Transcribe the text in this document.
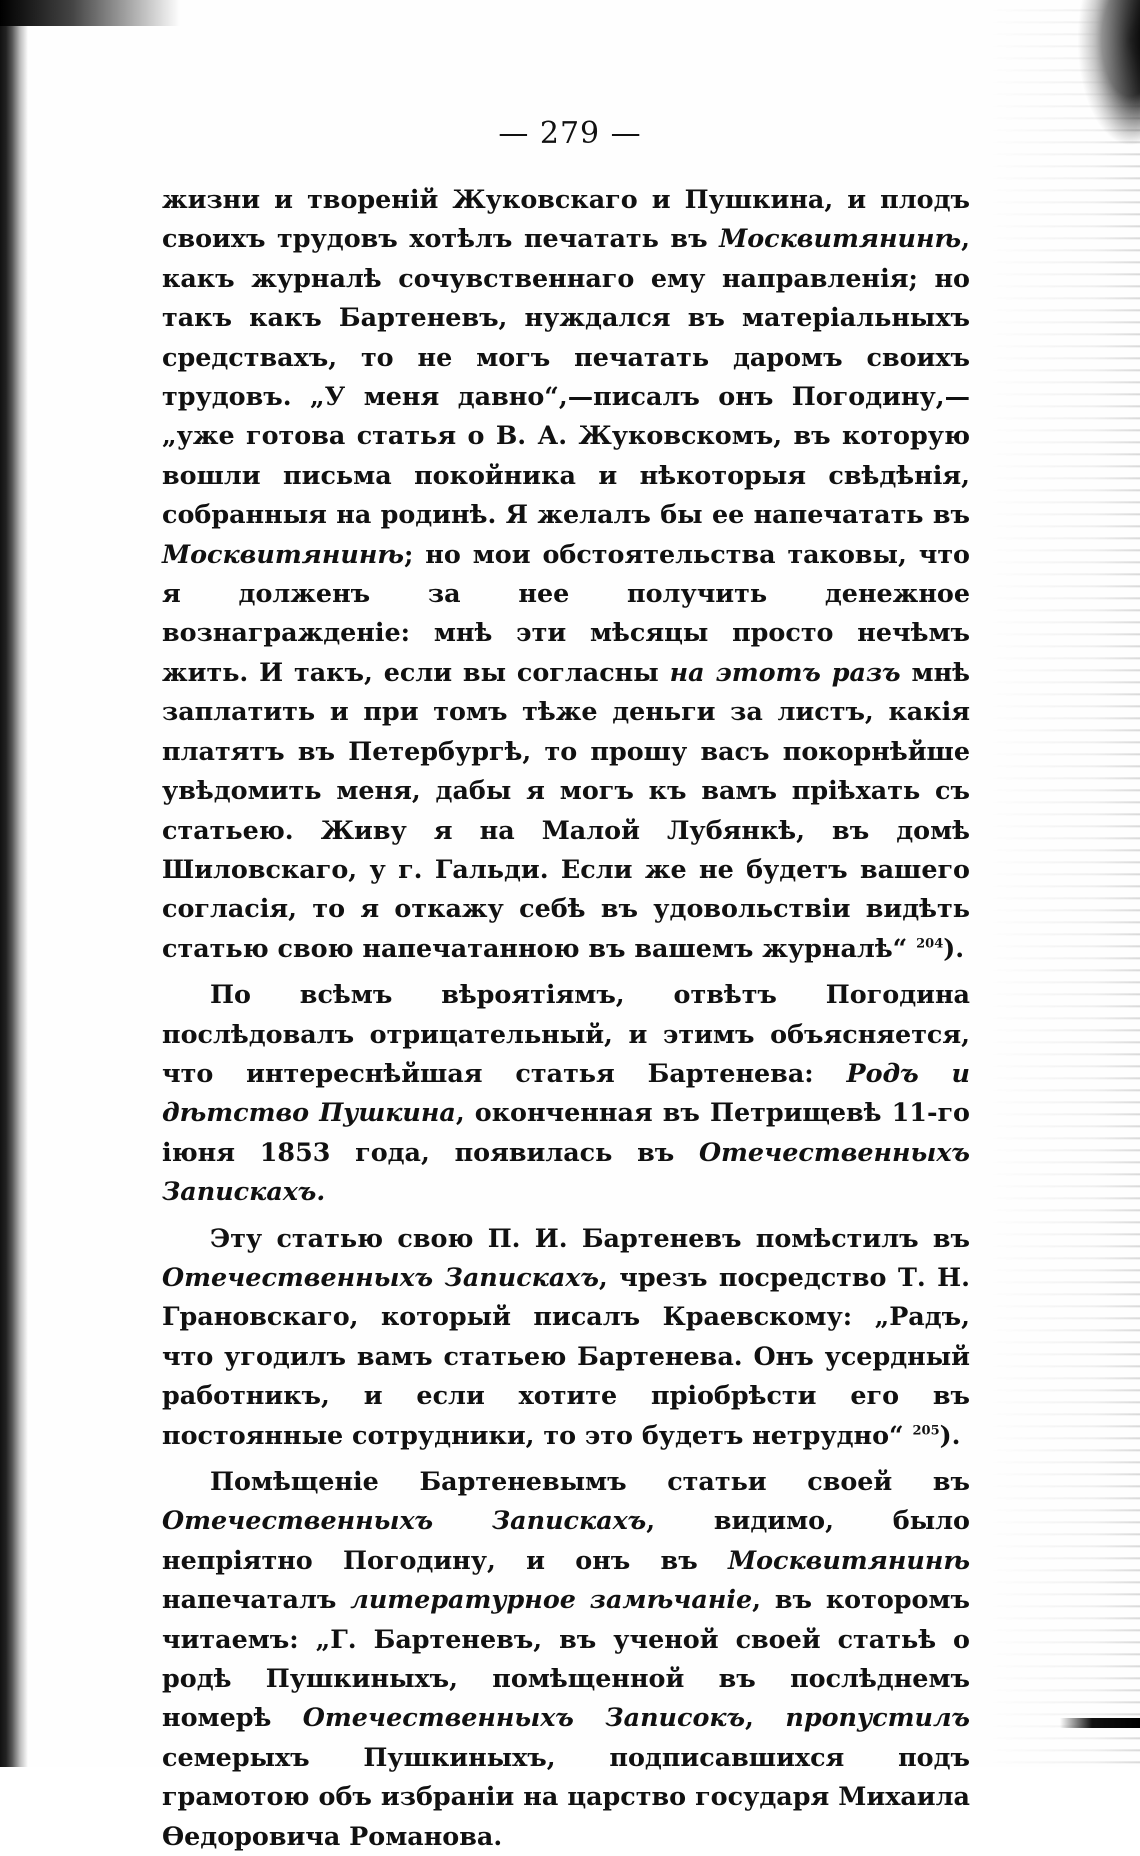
— 279 —

жизни и твореній Жуковскаго и Пушкина, и плодъ своихъ трудовъ хотѣлъ печатать въ Москвитянинѣ, какъ журналѣ сочувственнаго ему направленія; но такъ какъ Бартеневъ, нуждался въ матеріальныхъ средствахъ, то не могъ печатать даромъ своихъ трудовъ. „У меня давно“,—писалъ онъ Погодину,—„уже готова статья о В. А. Жуковскомъ, въ которую вошли письма покойника и нѣкоторыя свѣдѣнія, собранныя на родинѣ. Я желалъ бы ее напечатать въ Москвитянинѣ; но мои обстоятельства таковы, что я долженъ за нее получить денежное вознагражденіе: мнѣ эти мѣсяцы просто нечѣмъ жить. И такъ, если вы согласны на этотъ разъ мнѣ заплатить и при томъ тѣже деньги за листъ, какія платятъ въ Петербургѣ, то прошу васъ покорнѣйше увѣдомить меня, дабы я могъ къ вамъ пріѣхать съ статьею. Живу я на Малой Лубянкѣ, въ домѣ Шиловскаго, у г. Гальди. Если же не будетъ вашего согласія, то я откажу себѣ въ удовольствіи видѣть статью свою напечатанною въ вашемъ журналѣ“ $^{204}$).

По всѣмъ вѣроятіямъ, отвѣтъ Погодина послѣдовалъ отрицательный, и этимъ объясняется, что интереснѣйшая статья Бартенева: Родъ и дѣтство Пушкина, оконченная въ Петрищевѣ 11-го іюня 1853 года, появилась въ Отечественныхъ Запискахъ.

Эту статью свою П. И. Бартеневъ помѣстилъ въ Отечественныхъ Запискахъ, чрезъ посредство Т. Н. Грановскаго, который писалъ Краевскому: „Радъ, что угодилъ вамъ статьею Бартенева. Онъ усердный работникъ, и если хотите пріобрѣсти его въ постоянные сотрудники, то это будетъ нетрудно“ $^{205}$).

Помѣщеніе Бартеневымъ статьи своей въ Отечественныхъ Запискахъ, видимо, было непріятно Погодину, и онъ въ Москвитянинѣ напечаталъ литературное замѣчаніе, въ которомъ читаемъ: „Г. Бартеневъ, въ ученой своей статьѣ о родѣ Пушкиныхъ, помѣщенной въ послѣднемъ номерѣ Отечественныхъ Записокъ, пропустилъ семерыхъ Пушкиныхъ, подписавшихся подъ грамотою объ избраніи на царство государя Михаила Ѳедоровича Романова.
